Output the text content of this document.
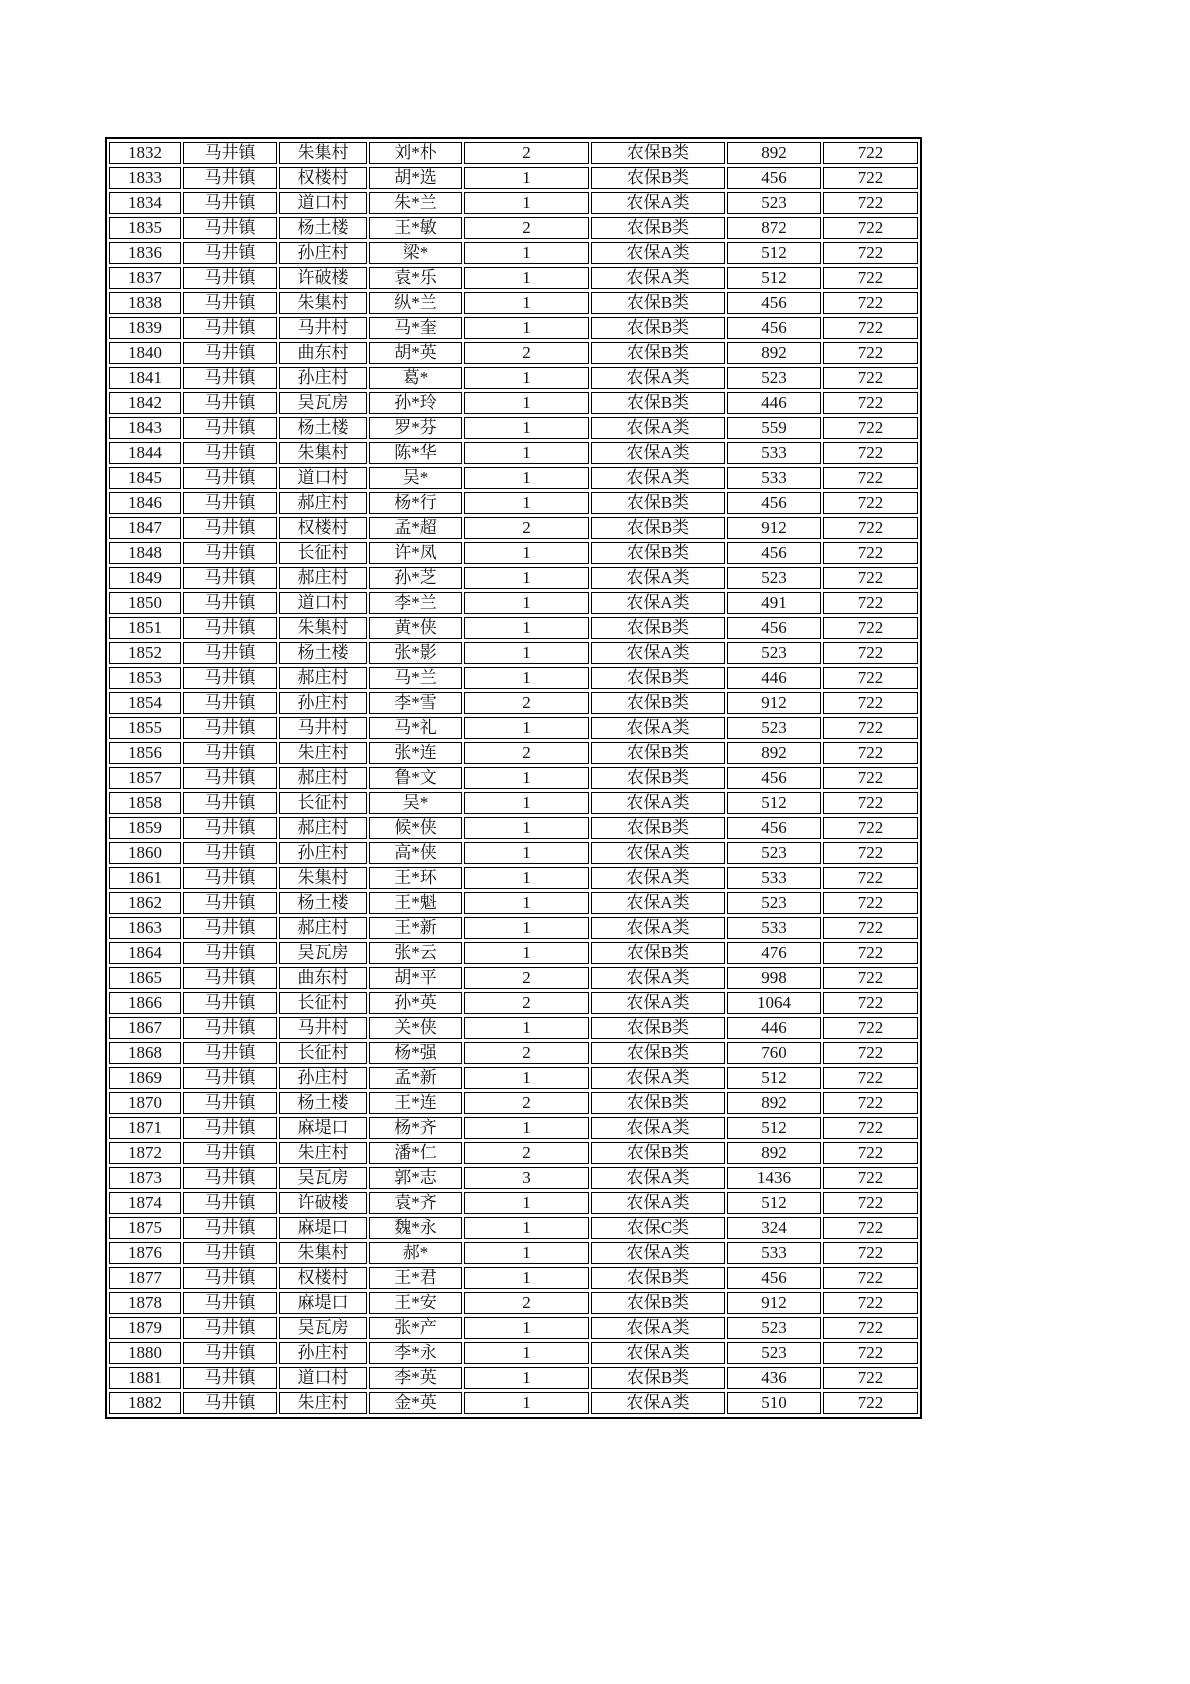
1832	马井镇	朱集村	刘*朴	2	农保B类	892	722
1833	马井镇	权楼村	胡*选	1	农保B类	456	722
1834	马井镇	道口村	朱*兰	1	农保A类	523	722
1835	马井镇	杨土楼	王*敏	2	农保B类	872	722
1836	马井镇	孙庄村	梁*	1	农保A类	512	722
1837	马井镇	许破楼	袁*乐	1	农保A类	512	722
1838	马井镇	朱集村	纵*兰	1	农保B类	456	722
1839	马井镇	马井村	马*奎	1	农保B类	456	722
1840	马井镇	曲东村	胡*英	2	农保B类	892	722
1841	马井镇	孙庄村	葛*	1	农保A类	523	722
1842	马井镇	吴瓦房	孙*玲	1	农保B类	446	722
1843	马井镇	杨土楼	罗*芬	1	农保A类	559	722
1844	马井镇	朱集村	陈*华	1	农保A类	533	722
1845	马井镇	道口村	吴*	1	农保A类	533	722
1846	马井镇	郝庄村	杨*行	1	农保B类	456	722
1847	马井镇	权楼村	孟*超	2	农保B类	912	722
1848	马井镇	长征村	许*凤	1	农保B类	456	722
1849	马井镇	郝庄村	孙*芝	1	农保A类	523	722
1850	马井镇	道口村	李*兰	1	农保A类	491	722
1851	马井镇	朱集村	黄*侠	1	农保B类	456	722
1852	马井镇	杨土楼	张*影	1	农保A类	523	722
1853	马井镇	郝庄村	马*兰	1	农保B类	446	722
1854	马井镇	孙庄村	李*雪	2	农保B类	912	722
1855	马井镇	马井村	马*礼	1	农保A类	523	722
1856	马井镇	朱庄村	张*连	2	农保B类	892	722
1857	马井镇	郝庄村	鲁*文	1	农保B类	456	722
1858	马井镇	长征村	吴*	1	农保A类	512	722
1859	马井镇	郝庄村	候*侠	1	农保B类	456	722
1860	马井镇	孙庄村	高*侠	1	农保A类	523	722
1861	马井镇	朱集村	王*环	1	农保A类	533	722
1862	马井镇	杨土楼	王*魁	1	农保A类	523	722
1863	马井镇	郝庄村	王*新	1	农保A类	533	722
1864	马井镇	吴瓦房	张*云	1	农保B类	476	722
1865	马井镇	曲东村	胡*平	2	农保A类	998	722
1866	马井镇	长征村	孙*英	2	农保A类	1064	722
1867	马井镇	马井村	关*侠	1	农保B类	446	722
1868	马井镇	长征村	杨*强	2	农保B类	760	722
1869	马井镇	孙庄村	孟*新	1	农保A类	512	722
1870	马井镇	杨土楼	王*连	2	农保B类	892	722
1871	马井镇	麻堤口	杨*齐	1	农保A类	512	722
1872	马井镇	朱庄村	潘*仁	2	农保B类	892	722
1873	马井镇	吴瓦房	郭*志	3	农保A类	1436	722
1874	马井镇	许破楼	袁*齐	1	农保A类	512	722
1875	马井镇	麻堤口	魏*永	1	农保C类	324	722
1876	马井镇	朱集村	郝*	1	农保A类	533	722
1877	马井镇	权楼村	王*君	1	农保B类	456	722
1878	马井镇	麻堤口	王*安	2	农保B类	912	722
1879	马井镇	吴瓦房	张*产	1	农保A类	523	722
1880	马井镇	孙庄村	李*永	1	农保A类	523	722
1881	马井镇	道口村	李*英	1	农保B类	436	722
1882	马井镇	朱庄村	金*英	1	农保A类	510	722
